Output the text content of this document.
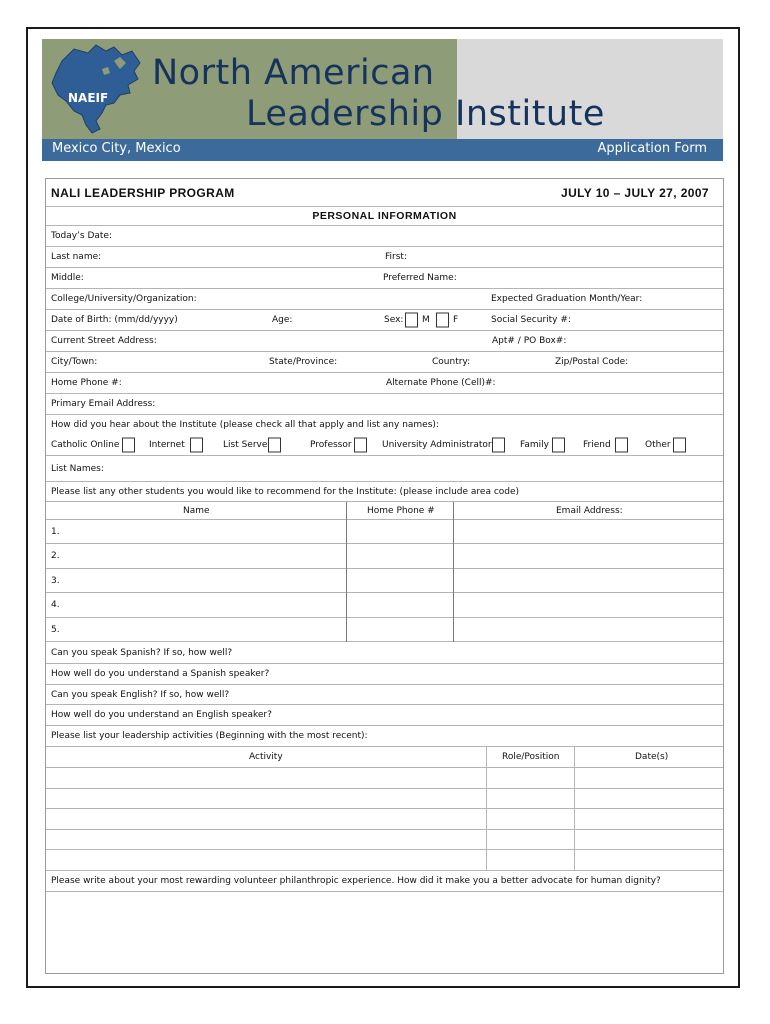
NAEIF
North American
Leadership Institute
Mexico City, Mexico	Application Form
NALI LEADERSHIP PROGRAM	JULY 10 – JULY 27, 2007
PERSONAL INFORMATION
Today’s Date:
Last name:	First:
Middle:	Preferred Name:
College/University/Organization:	Expected Graduation Month/Year:
Date of Birth: (mm/dd/yyyy)	Age:	Sex: M	F	Social Security #:
Current Street Address:	Apt# / PO Box#:
City/Town:	State/Province:	Country:	Zip/Postal Code:
Home Phone #:	Alternate Phone (Cell)#:
Primary Email Address:
How did you hear about the Institute (please check all that apply and list any names):
Catholic Online	Internet	List Serve	Professor	University Administrator	Family	Friend	Other
List Names:
Please list any other students you would like to recommend for the Institute: (please include area code)
Name	Home Phone #	Email Address:
1.
2.
3.
4.
5.
Can you speak Spanish? If so, how well?
How well do you understand a Spanish speaker?
Can you speak English? If so, how well?
How well do you understand an English speaker?
Please list your leadership activities (Beginning with the most recent):
Activity	Role/Position	Date(s)
Please write about your most rewarding volunteer philanthropic experience. How did it make you a better advocate for human dignity?
